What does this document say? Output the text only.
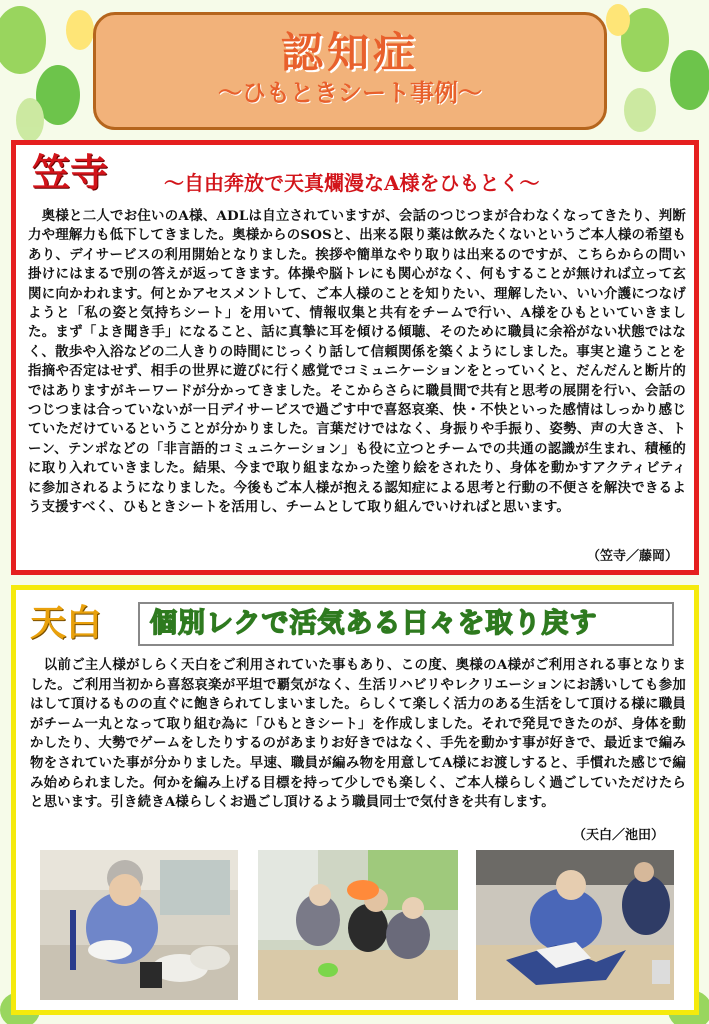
認知症
〜ひもときシート事例〜
笠寺	〜自由奔放で天真爛漫なA様をひもとく〜

　奥様と二人でお住いのA様、ADLは自立されていますが、会話のつじつまが合わなくなってきたり、判断力や理解力も低下してきました。奥様からのSOSと、出来る限り薬は飲みたくないというご本人様の希望もあり、デイサービスの利用開始となりました。挨拶や簡単なやり取りは出来るのですが、こちらからの問い掛けにはまるで別の答えが返ってきます。体操や脳トレにも関心がなく、何もすることが無ければ立って玄関に向かわれます。何とかアセスメントして、ご本人様のことを知りたい、理解したい、いい介護につなげようと「私の姿と気持ちシート」を用いて、情報収集と共有をチームで行い、A様をひもといていきました。まず「よき聞き手」になること、話に真摯に耳を傾ける傾聴、そのために職員に余裕がない状態ではなく、散歩や入浴などの二人きりの時間にじっくり話して信頼関係を築くようにしました。事実と違うことを指摘や否定はせず、相手の世界に遊びに行く感覚でコミュニケーションをとっていくと、だんだんと断片的ではありますがキーワードが分かってきました。そこからさらに職員間で共有と思考の展開を行い、会話のつじつまは合っていないが一日デイサービスで過ごす中で喜怒哀楽、快・不快といった感情はしっかり感じていただけているということが分かりました。言葉だけではなく、身振りや手振り、姿勢、声の大きさ、トーン、テンポなどの「非言語的コミュニケーション」も役に立つとチームでの共通の認識が生まれ、積極的に取り入れていきました。結果、今まで取り組まなかった塗り絵をされたり、身体を動かすアクティビティに参加されるようになりました。今後もご本人様が抱える認知症による思考と行動の不便さを解決できるよう支援すべく、ひもときシートを活用し、チームとして取り組んでいければと思います。

（笠寺／藤岡）
天白 個別レクで活気ある日々を取り戻す

　以前ご主人様がしらく天白をご利用されていた事もあり、この度、奥様のA様がご利用される事となりました。ご利用当初から喜怒哀楽が平坦で覇気がなく、生活リハビリやレクリエーションにお誘いしても参加はして頂けるものの直ぐに飽きられてしまいました。らしくて楽しく活力のある生活をして頂ける様に職員がチーム一丸となって取り組む為に「ひもときシート」を作成しました。それで発見できたのが、身体を動かしたり、大勢でゲームをしたりするのがあまりお好きではなく、手先を動かす事が好きで、最近まで編み物をされていた事が分かりました。早速、職員が編み物を用意してA様にお渡しすると、手慣れた感じで編み始められました。何かを編み上げる目標を持って少しでも楽しく、ご本人様らしく過ごしていただけたらと思います。引き続きA様らしくお過ごし頂けるよう職員同士で気付きを共有します。

（天白／池田）
